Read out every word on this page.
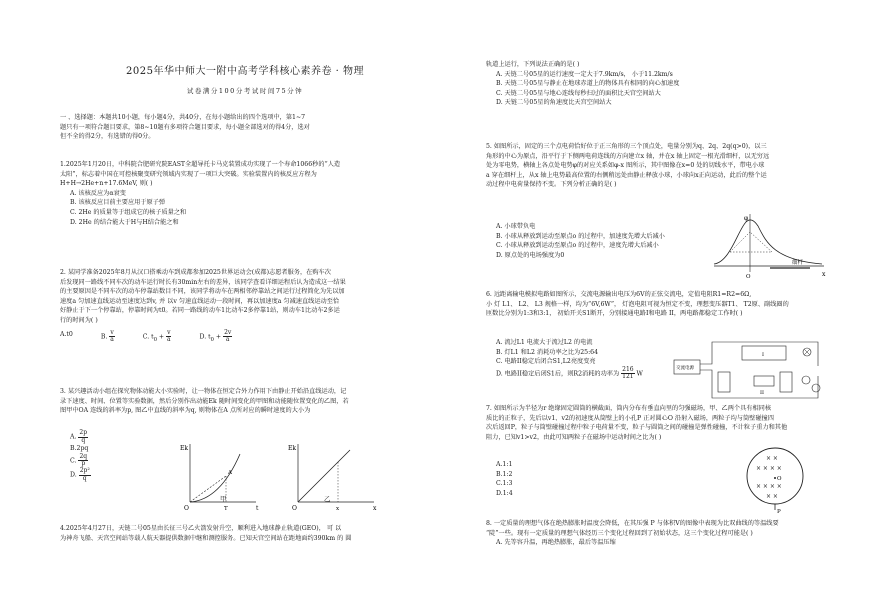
2025年华中师大一附中高考学科核心素养卷 · 物理
试卷满分100分考试时间75分钟

一 、选择题：本题共10小题，每小题4分，共40分，在每小题给出的四个选项中，第1~7

题只有一项符合题目要求，第8~10题有多项符合题目要求，每小题全部选对的得4分，选对

但不全的得2分，有选错的得0分。

1.2025年1月20日，中科院合肥研究院EAST全超导托卡马克装置成功实现了一个寿命1066秒的“人造

太阳”，标志着中国在可控核聚变研究领域内实现了一项巨大突破。实验装置内的核反应方程为

H+H→2He+n+17.6MeV, 则( )

A. 该核反应为α衰变

B. 该核反应目前主要应用于原子弹

C. 2He 的质量等于组成它的核子质量之和

D. 2He 的结合能大于H与H结合能之和

2. 某同学准备2025年8月从汉口搭乘动车到成都参加2025世界运动会(成都)志愿者服务，在购车次

后发现同一路线不同车次的动车运行时长有30min左右的差异，该同学查看详细运程后认为造成这一结果

的主要原因是不同车次的动车停靠站数目不同，该同学将动车在两相邻停靠站之间运行过程简化为先以加

速度a 匀加速直线运动至速度达到v, 并 以v 匀速直线运动一段时间，再以加速度a 匀减速直线运动至恰

好静止于下一个停靠站，停靠时间为t0。若同一路线的动车1比动车2多停靠1站，则动车1比动车2多运

行的时间为( )

A.t0	B. $\frac{v}{a}$	C. $t_0 + \frac{v}{a}$	D. $t_0 + \frac{2v}{a}$

3. 某兴趣活动小组在探究物体动能大小实验时，让一物体在恒定合外力作用下由静止开始沿直线运动，记

录下速度、时间、位置等实验数据，然后分别作出动能Ek 随时间变化的甲图和动能随位置变化的乙图，若

图甲中OA 连线的斜率为p, 图乙中直线的斜率为q, 则物体在A 点所对应的瞬时速度的大小为

A. $\frac{2p}{q}$

B.2pq

C. $\frac{2q}{p}$

D. $\frac{\text{2p²}}{q}$

Ek
t
O
A
T
甲
Ek
x
O	x
乙

4.2025年4月27日，天链二号05星由长征三号乙火箭发射升空，顺利进入地球静止轨道(GEO)， 可 以

为神舟飞船、天宫空间站等载人航天器提供数据中继和测控服务。已知天宫空间站在距地面约390km 的 圆

轨道上运行，下列说法正确的是( )

A. 天链二号05星的运行速度一定大于7.9km/s， 小于11.2km/s

B. 天链二号05星与静止在地球赤道上的物体具有相同的向心加速度

C. 天链二号05星与地心连线每秒扫过的面积比天宫空间站大

D. 天链二号05星的角速度比天宫空间站大

5. 如图所示，固定的三个点电荷恰好位于正三角形的三个顶点处，电量分别为q、2q、2q(q>0)，以三

角形的中心为原点，沿平行于下侧两电荷连线的方向建立x 轴，并在x 轴上固定一根光滑细杆，以无穷远

处为零电势，横轴上各点处电势φ的对应关系如φ-x 图所示，其中图像在x=0 处的切线水平，带电小球

a 穿在细杆上，从x 轴上电势最高位置的右侧稍远处由静止释放小球，小球向x正向运动，此后的整个运

动过程中电荷量保持不变。下列分析正确的是( )

A. 小球带负电

B. 小球从释放到运动至原点o 的过程中，加速度先增大后减小

C. 小球从释放到运动至原点o 的过程中，速度先增大后减小

D. 原点处的电场强度为0

φ
x
细杆
O

6. 远距离输电模拟电路如图所示，交流电源输出电压为6V的正弦交流电，定值电阻R1=R2=6Ω,

小 灯 L1、 L2、 L3 规格一样，均为“6V,6W”， 灯泡电阻可视为恒定不变，理想变压器T1、 T2原、副线圈的

匝数比分别为1:3和3:1， 初始开关S1断开，分别接通电路I和电路 II，两电路都稳定工作时( )

A. 流过L1 电流大于流过L2 的电流

B. 灯L1 和L2 消耗功率之比为25:64

C. 电路II稳定后闭合S1,L2亮度变亮

D. 电路II稳定后闭S1后，则R2消耗的功率为 $\frac{216}{121}$ W

交流电源
I
II

7. 如图所示为半径为r 绝缘固定圆筒的横截面，筒内分布有垂直向里的匀强磁场，甲、乙两个具有相同核

质比的正粒子，先后以v1、v2的初速度从筒壁上的小孔P 正对圆心O 沿射入磁场，两粒子均与筒壁碰撞四

次后返回P，粒子与筒壁碰撞过程中粒子电荷量不变，粒子与圆筒之间的碰撞是弹性碰撞，不计粒子重力和其他

阻力，已知v1>v2，由此可知两粒子在磁场中运动时间之比为( )

A.1:1

B.1:2

C.1:3

D.1:4

× ×
× × × ×
× × × ×
× ×
O
P

8. 一定质量的理想气体在绝热膨胀时温度会降低，在其压强 P 与体积V的图像中表现为比双曲线的等温线要

“陡”一些。现有一定质量的理想气体经历三个变化过程回到了初始状态，这三个变化过程可能是( )

A. 先等容升温，再绝热膨胀，最后等温压缩
